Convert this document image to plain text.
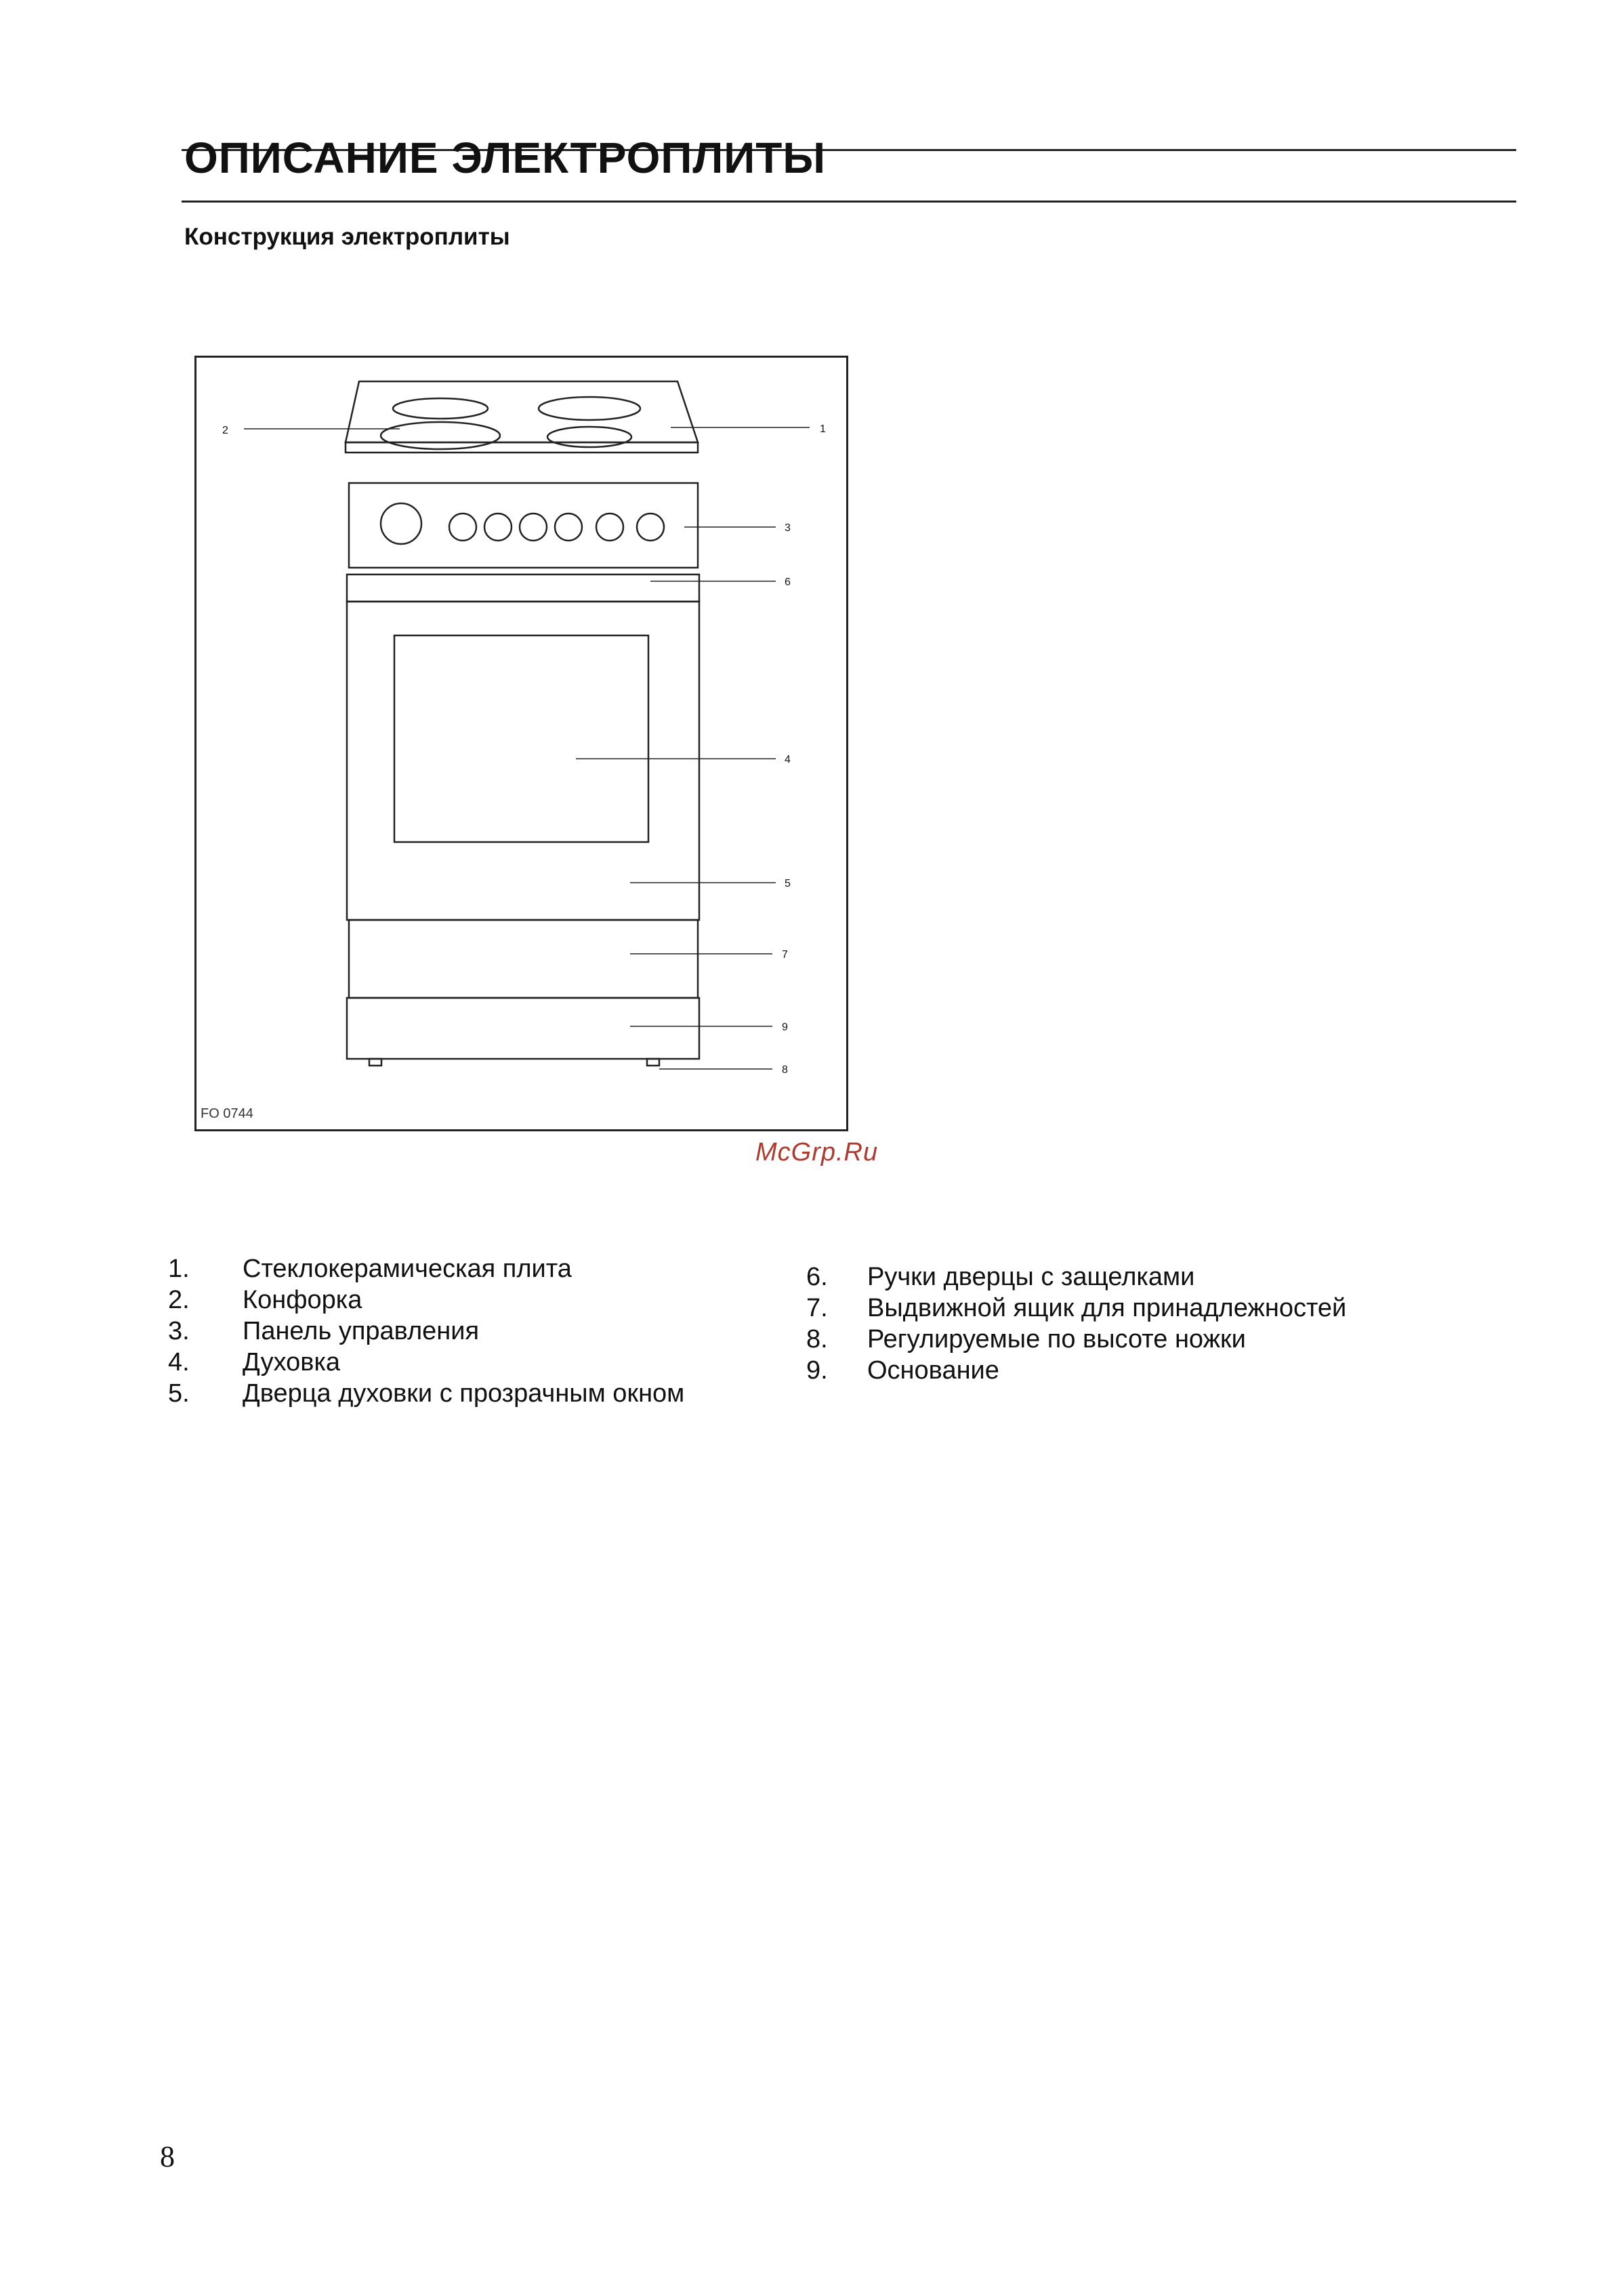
ОПИСАНИЕ ЭЛЕКТРОПЛИТЫ
Конструкция электроплиты
1
2
3
4
5
6
7
8
9
FO 0744
McGrp.Ru
1. Стеклокерамическая плита
2. Конфорка
3. Панель управления
4. Духовка
5. Дверца духовки с прозрачным окном
6. Ручки дверцы с защелками
7. Выдвижной ящик для принадлежностей
8. Регулируемые по высоте ножки
9. Основание
8
